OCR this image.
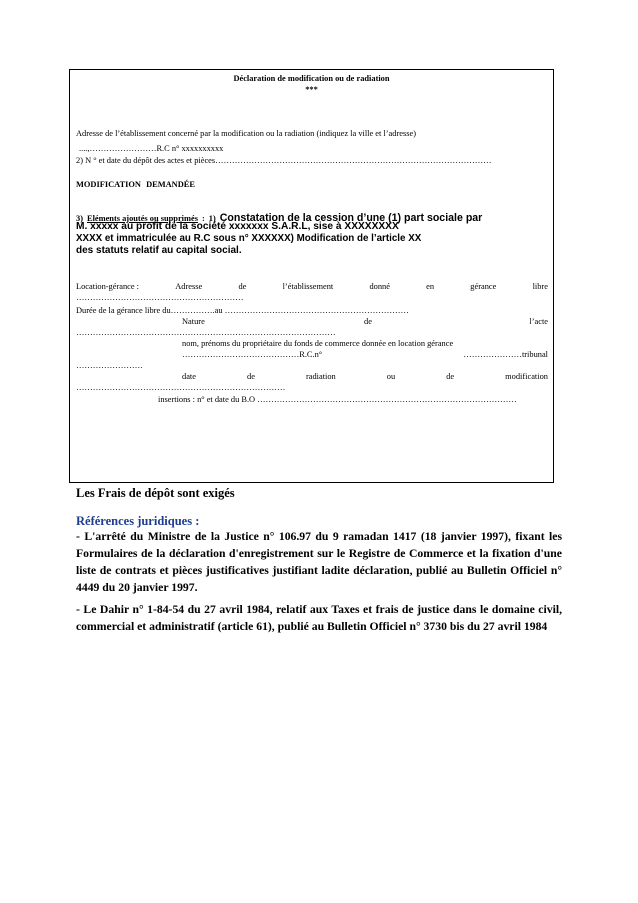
Déclaration de modification ou de radiation
***
Adresse de l’établissement concerné par la modification ou la radiation (indiquez la ville et l’adresse)
....,……………………R.C n° xxxxxxxxxx
2) N ° et date du dépôt des actes et pièces………………………………………………………………………………………
MODIFICATION DEMANDÉE
3) Eléments ajoutés ou supprimés : 1) Constatation de la cession d’une (1) part sociale par
M. xxxxx au profit de la société xxxxxxx S.A.R.L, sise à XXXXXXXX
XXXX et immatriculée au R.C sous n° XXXXXX) Modification de l’article XX
des statuts relatif au capital social.
Location-gérance :	Adresse	de	l’établissement	donné	en	gérance	libre
……………………………………………………
Durée de la gérance libre du…………….au …………………………………………………………
Nature	de	l’acte
…………………………………………………………………………………
nom, prénoms du propriétaire du fonds de commerce donnée en location gérance
……………………………………R.C.n°	…………………tribunal
……………………
date	de	radiation	ou	de	modification
…………………………………………………………………
insertions : n° et date du B.O …………………………………………………………………………………
Les Frais de dépôt sont exigés
Références juridiques :
- L'arrêté du Ministre de la Justice n° 106.97 du 9 ramadan 1417 (18 janvier 1997), fixant les Formulaires de la déclaration d'enregistrement sur le Registre de Commerce et la fixation d'une liste de contrats et pièces justificatives justifiant ladite déclaration, publié au Bulletin Officiel n° 4449 du 20 janvier 1997.
- Le Dahir n° 1-84-54 du 27 avril 1984, relatif aux Taxes et frais de justice dans le domaine civil, commercial et administratif (article 61), publié au Bulletin Officiel n° 3730 bis du 27 avril 1984
